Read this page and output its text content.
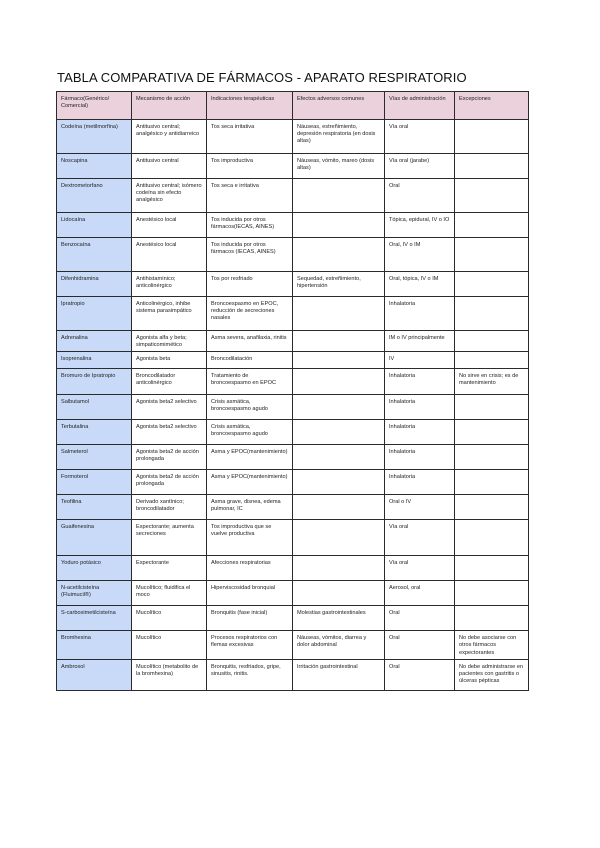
TABLA COMPARATIVA DE FÁRMACOS - APARATO RESPIRATORIO
Fármaco(Genérico/ Comercial)	Mecanismo de acción	Indicaciones terapéuticas	Efectos adversos comunes	Vías de administración	Excepciones
Codeína (metilmorfina)	Antitusivo central; analgésico y antidiarreico	Tos seca irritativa	Náuseas, estreñimiento, depresión respiratoria (en dosis altas)	Vía oral	
Noscapina	Antitusivo central	Tos improductiva	Náuseas, vómito, mareo (dosis altas)	Vía oral (jarabe)	
Dextrometorfano	Antitusivo central; isómero codeína sin efecto analgésico	Tos seca e irritativa		Oral	
Lidocaína	Anestésico local	Tos inducida por otros fármacos(IECAS, AINES)		Tópica, epidural, IV o IO	
Benzocaína	Anestésico local	Tos inducida por otros fármacos (IECAS, AINES)		Oral, IV o IM	
Difenhidramina	Antihistamínico; anticolinérgico	Tos por resfriado	Sequedad, estreñimiento, hipertensión	Oral, tópica, IV o IM	
Ipratropio	Anticolinérgico, inhibe sistema parasimpático	Broncoespasmo en EPOC, reducción de secreciones nasales		Inhalatoria	
Adrenalina	Agonista alfa y beta; simpaticomimético	Asma severa, anafilaxia, rinitis		IM o IV principalmente	
Isoprenalina	Agonista beta	Broncodilatación		IV	
Bromuro de Ipratropio	Broncodilatador anticolinérgico	Tratamiento de broncoespasmo en EPOC		Inhalatoria	No sirve en crisis; es de mantenimiento
Salbutamol	Agonista beta2 selectivo	Crisis asmática, broncoespasmo agudo		Inhalatoria	
Terbutalina	Agonista beta2 selectivo	Crisis asmática, broncoespasmo agudo		Inhalatoria	
Salmeterol	Agonista beta2 de acción prolongada	Asma y EPOC(mantenimiento)		Inhalatoria	
Formoterol	Agonista beta2 de acción prolongada	Asma y EPOC(mantenimiento)		Inhalatoria	
Teofilina	Derivado xantínico; broncodilatador	Asma grave, disnea, edema pulmonar, IC		Oral o IV	
Guaifenesina	Expectorante; aumenta secreciones	Tos improductiva que se vuelve productiva		Vía oral	
Yoduro potásico	Expectorante	Afecciones respiratorias		Vía oral	
N-acetilcisteína (Fluimucil®)	Mucolítico; fluidifica el moco	Hiperviscosidad bronquial		Aerosol, oral	
S-carboximetilcisteína	Mucolítico	Bronquitis (fase inicial)	Molestias gastrointestinales	Oral	
Bromhexina	Mucolítico	Procesos respiratorios con flemas excesivas	Náuseas, vómitos, diarrea y dolor abdominal	Oral	No debe asociarse con otros fármacos expectorantes
Ambroxol	Mucolítico (metabolito de la bromhexina)	Bronquitis, resfriados, gripe, sinusitis, rinitis.	Irritación gastrointestinal	Oral	No debe administrarse en pacientes con gastritis o úlceras pépticas
